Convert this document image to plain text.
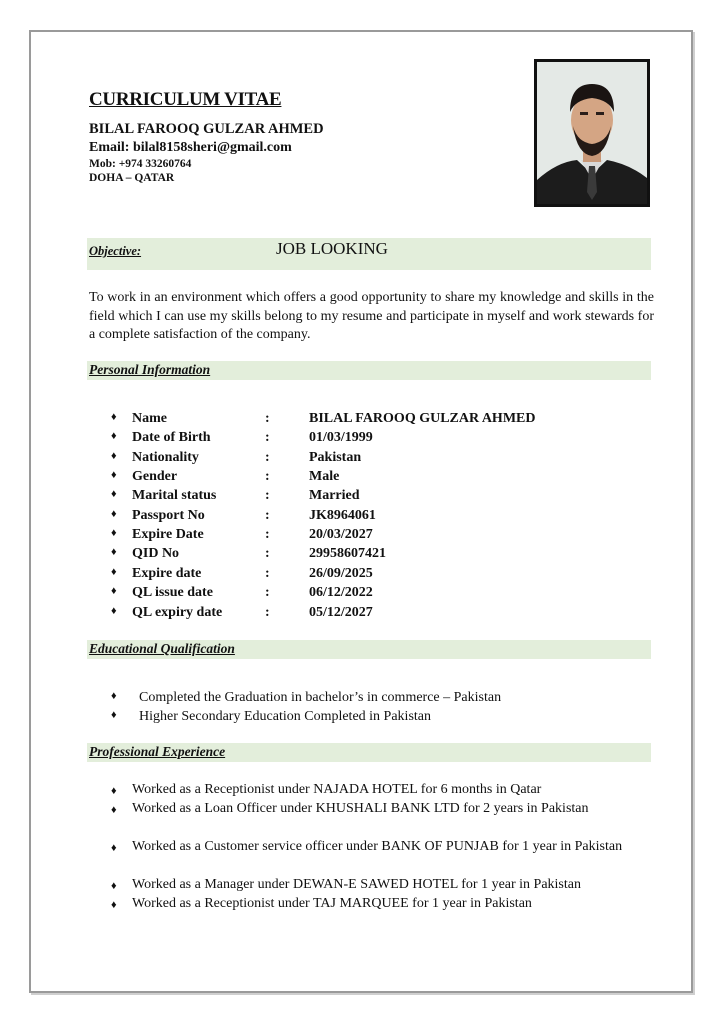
CURRICULUM VITAE
BILAL FAROOQ GULZAR AHMED
Email: bilal8158sheri@gmail.com
Mob: +974 33260764
DOHA – QATAR
Objective:	JOB LOOKING
To work in an environment which offers a good opportunity to share my knowledge and skills in the field which I can use my skills belong to my resume and participate in myself and work stewards for a complete satisfaction of the company.
Personal Information
♦ Name	:	BILAL FAROOQ GULZAR AHMED
♦ Date of Birth	:	01/03/1999
♦ Nationality	:	Pakistan
♦ Gender	:	Male
♦ Marital status	:	Married
♦ Passport No	:	JK8964061
♦ Expire Date	:	20/03/2027
♦ QID No	:	29958607421
♦ Expire date	:	26/09/2025
♦ QL issue date	:	06/12/2022
♦ QL expiry date	:	05/12/2027
Educational Qualification
♦ Completed the Graduation in bachelor’s in commerce – Pakistan
♦ Higher Secondary Education Completed in Pakistan
Professional Experience
♦ Worked as a Receptionist under NAJADA HOTEL for 6 months in Qatar
♦ Worked as a Loan Officer under KHUSHALI BANK LTD for 2 years in Pakistan
♦ Worked as a Customer service officer under BANK OF PUNJAB for 1 year in Pakistan
♦ Worked as a Manager under DEWAN-E SAWED HOTEL for 1 year in Pakistan
♦ Worked as a Receptionist under TAJ MARQUEE for 1 year in Pakistan
